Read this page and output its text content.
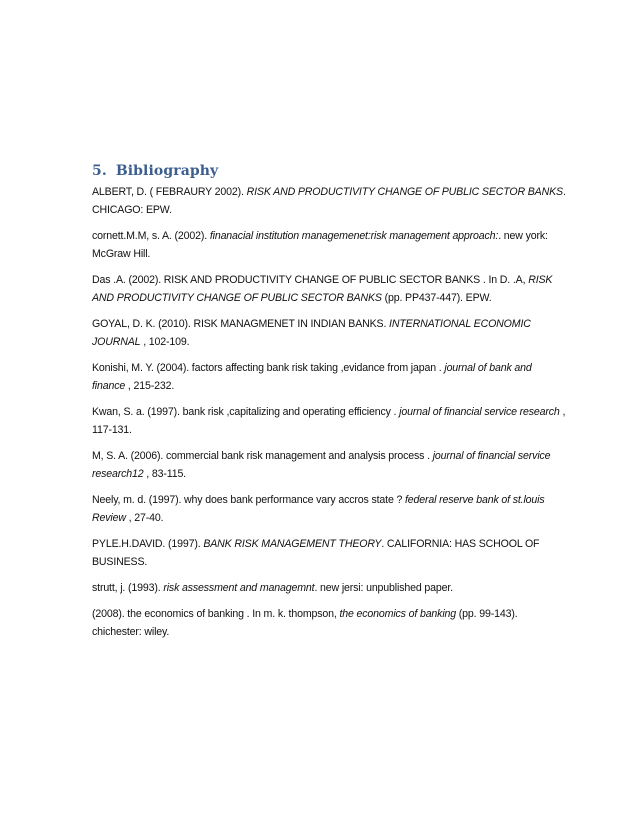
5. Bibliography

ALBERT, D. ( FEBRAURY 2002). RISK AND PRODUCTIVITY CHANGE OF PUBLIC SECTOR BANKS. CHICAGO: EPW.

cornett.M.M, s. A. (2002). finanacial institution managemenet:risk management approach:. new york: McGraw Hill.

Das .A. (2002). RISK AND PRODUCTIVITY CHANGE OF PUBLIC SECTOR BANKS . In D. .A, RISK AND PRODUCTIVITY CHANGE OF PUBLIC SECTOR BANKS (pp. PP437-447). EPW.

GOYAL, D. K. (2010). RISK MANAGMENET IN INDIAN BANKS. INTERNATIONAL ECONOMIC JOURNAL , 102-109.

Konishi, M. Y. (2004). factors affecting bank risk taking ,evidance from japan . journal of bank and finance , 215-232.

Kwan, S. a. (1997). bank risk ,capitalizing and operating efficiency . journal of financial service research , 117-131.

M, S. A. (2006). commercial bank risk management and analysis process . journal of financial service research12 , 83-115.

Neely, m. d. (1997). why does bank performance vary accros state ? federal reserve bank of st.louis Review , 27-40.

PYLE.H.DAVID. (1997). BANK RISK MANAGEMENT THEORY. CALIFORNIA: HAS SCHOOL OF BUSINESS.

strutt, j. (1993). risk assessment and managemnt. new jersi: unpublished paper.

(2008). the economics of banking . In m. k. thompson, the economics of banking (pp. 99-143). chichester: wiley.
